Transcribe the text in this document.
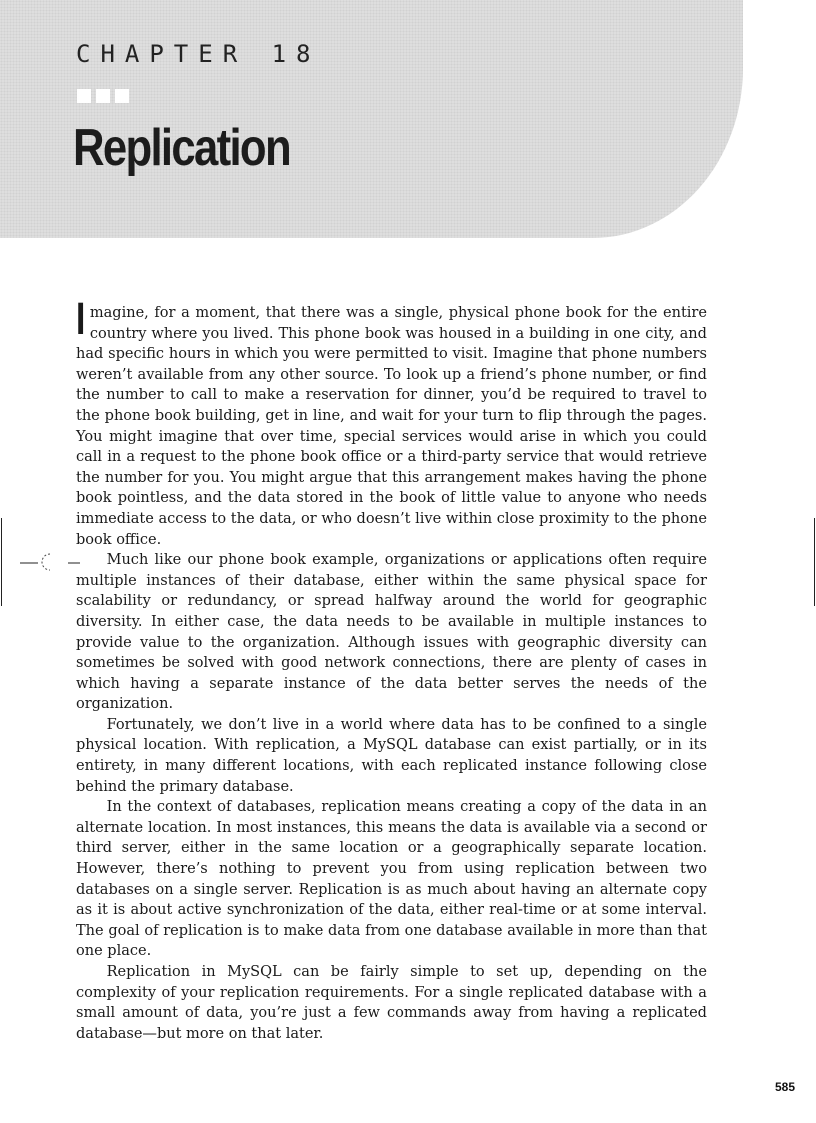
CHAPTER 18
Replication

Imagine, for a moment, that there was a single, physical phone book for the entire country where you lived. This phone book was housed in a building in one city, and had specific hours in which you were permitted to visit. Imagine that phone numbers weren’t available from any other source. To look up a friend’s phone number, or find the number to call to make a reservation for dinner, you’d be required to travel to the phone book building, get in line, and wait for your turn to flip through the pages. You might imagine that over time, special services would arise in which you could call in a request to the phone book office or a third-party service that would retrieve the number for you. You might argue that this arrangement makes having the phone book pointless, and the data stored in the book of little value to anyone who needs immediate access to the data, or who doesn’t live within close proximity to the phone book office.

Much like our phone book example, organizations or applications often require multiple instances of their database, either within the same physical space for scalability or redundancy, or spread halfway around the world for geographic diversity. In either case, the data needs to be available in multiple instances to provide value to the organization. Although issues with geographic diversity can sometimes be solved with good network connections, there are plenty of cases in which having a separate instance of the data better serves the needs of the organization.

Fortunately, we don’t live in a world where data has to be confined to a single physical location. With replication, a MySQL database can exist partially, or in its entirety, in many different locations, with each replicated instance following close behind the primary database.

In the context of databases, replication means creating a copy of the data in an alternate location. In most instances, this means the data is available via a second or third server, either in the same location or a geographically separate location. However, there’s nothing to prevent you from using replication between two databases on a single server. Replication is as much about having an alternate copy as it is about active synchronization of the data, either real-time or at some interval. The goal of replication is to make data from one database available in more than that one place.

Replication in MySQL can be fairly simple to set up, depending on the complexity of your replication requirements. For a single replicated database with a small amount of data, you’re just a few commands away from having a replicated database—but more on that later.

585
